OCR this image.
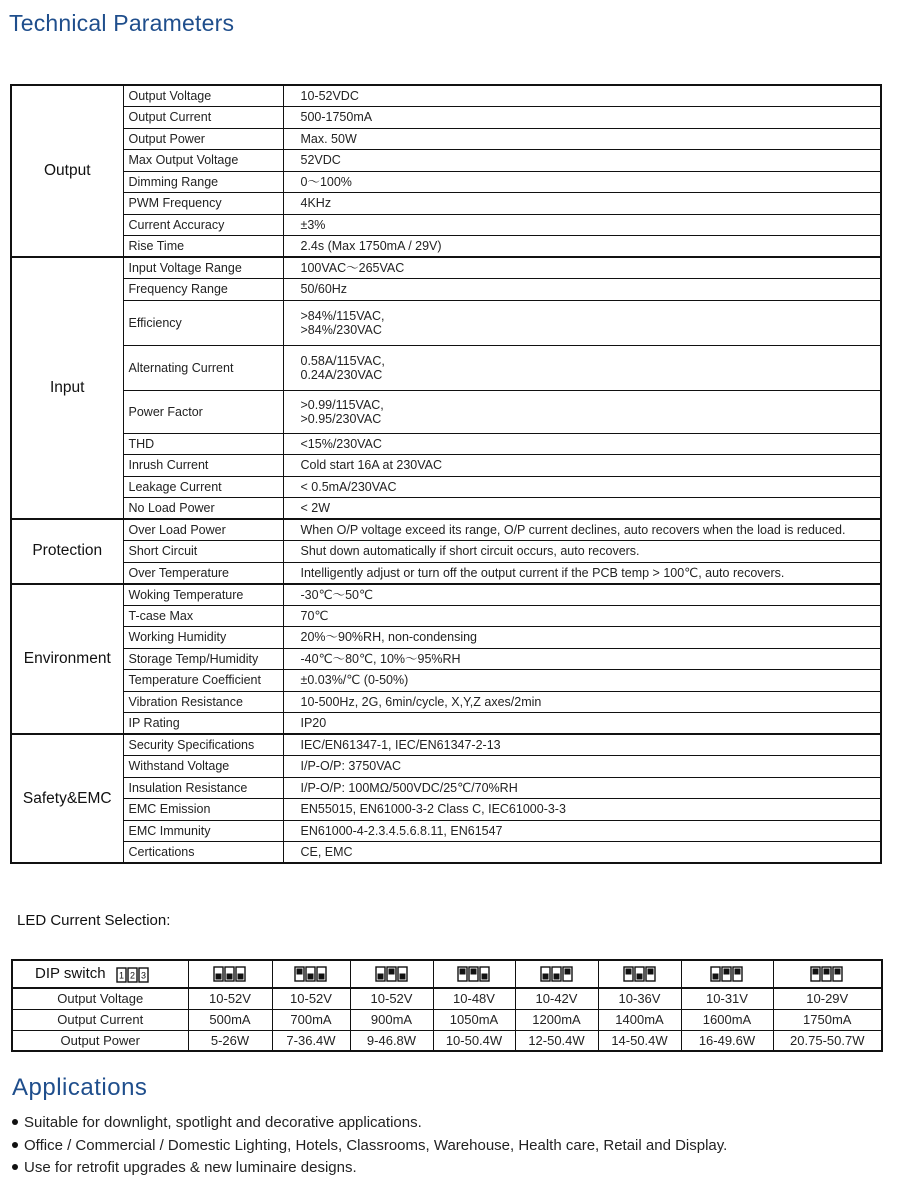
Technical Parameters
Output	Output Voltage	10-52VDC

	Output Current	500-1750mA

	Output Power	Max. 50W

	Max Output Voltage	52VDC

	Dimming Range	0～100%

	PWM Frequency	4KHz

	Current Accuracy	±3%

	Rise Time	2.4s (Max 1750mA / 29V)

Input	Input Voltage Range	100VAC～265VAC

	Frequency Range	50/60Hz

	Efficiency	>84%/115VAC,
>84%/230VAC

	Alternating Current	0.58A/115VAC,
0.24A/230VAC

	Power Factor	>0.99/115VAC,
>0.95/230VAC

	THD	<15%/230VAC

	Inrush Current	Cold start 16A at 230VAC

	Leakage Current	< 0.5mA/230VAC

	No Load Power	< 2W

Protection	Over Load Power	When O/P voltage exceed its range, O/P current declines, auto recovers when the load is reduced.

	Short Circuit	Shut down automatically if short circuit occurs, auto recovers.

	Over Temperature	Intelligently adjust or turn off the output current if the PCB temp > 100℃, auto recovers.

Environment	Woking Temperature	-30℃～50℃

	T-case Max	70℃

	Working Humidity	20%～90%RH, non-condensing

	Storage Temp/Humidity	-40℃～80℃, 10%～95%RH

	Temperature Coefficient	±0.03%/℃ (0-50%)

	Vibration Resistance	10-500Hz, 2G, 6min/cycle, X,Y,Z axes/2min

	IP Rating	IP20

Safety&EMC	Security Specifications	IEC/EN61347-1, IEC/EN61347-2-13

	Withstand Voltage	I/P-O/P: 3750VAC

	Insulation Resistance	I/P-O/P: 100MΩ/500VDC/25℃/70%RH

	EMC Emission	EN55015, EN61000-3-2 Class C, IEC61000-3-3

	EMC Immunity	EN61000-4-2.3.4.5.6.8.11, EN61547

	Certications	CE, EMC
LED Current Selection:
DIP switch 1 2 3

Output Voltage	10-52V	10-52V	10-52V	10-48V	10-42V	10-36V	10-31V	10-29V
Output Current	500mA	700mA	900mA	1050mA	1200mA	1400mA	1600mA	1750mA
Output Power	5-26W	7-36.4W	9-46.8W	10-50.4W	12-50.4W	14-50.4W	16-49.6W	20.75-50.7W
Applications
Suitable for downlight, spotlight and decorative applications.
Office / Commercial / Domestic Lighting, Hotels, Classrooms, Warehouse, Health care, Retail and Display.
Use for retrofit upgrades & new luminaire designs.
